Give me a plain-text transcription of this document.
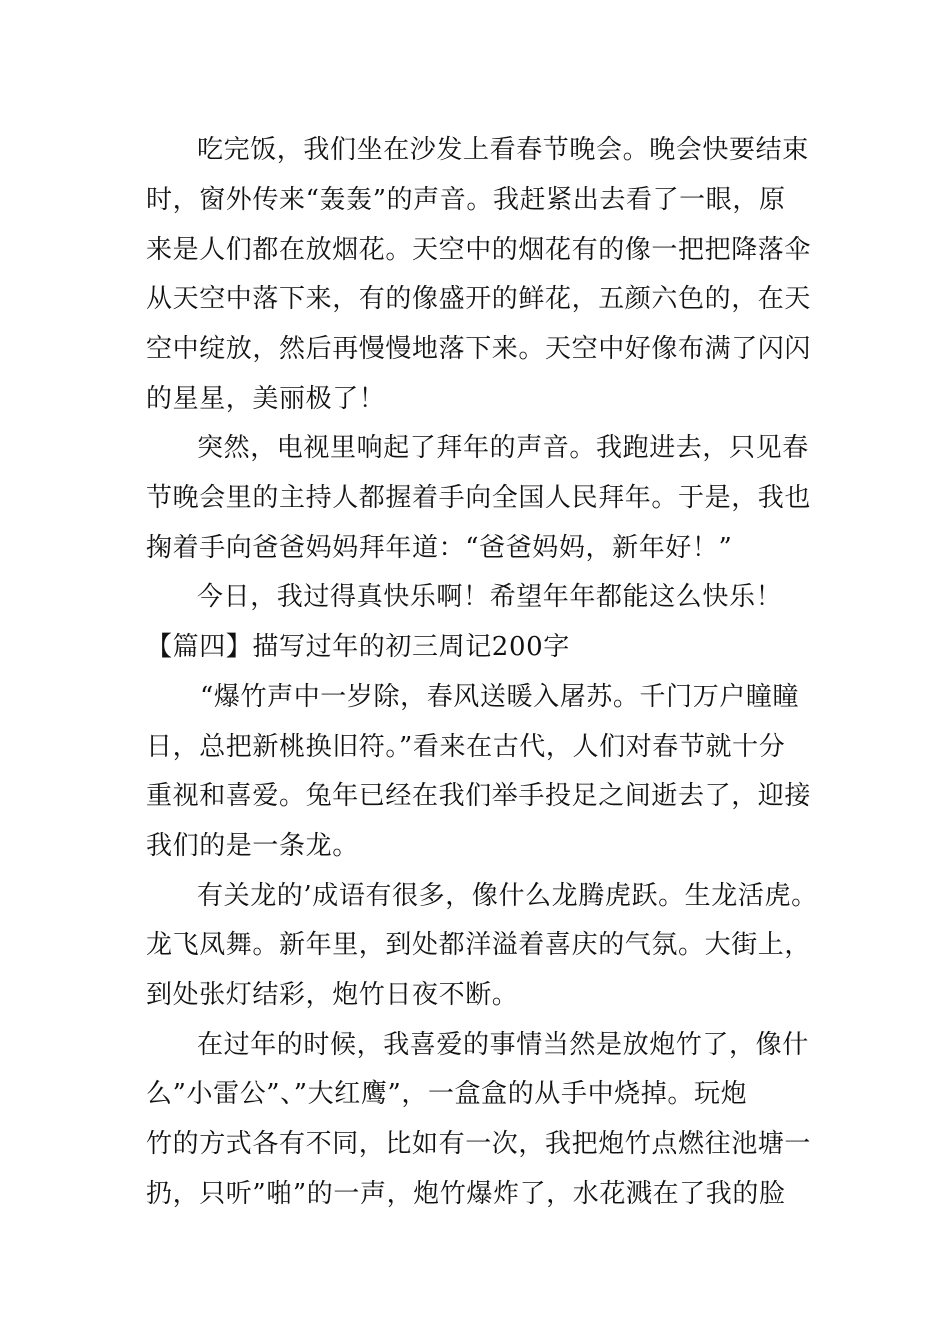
吃完饭，我们坐在沙发上看春节晚会。晚会快要结束
时，窗外传来“轰轰”的声音。我赶紧出去看了一眼，原
来是人们都在放烟花。天空中的烟花有的像一把把降落伞
从天空中落下来，有的像盛开的鲜花，五颜六色的，在天
空中绽放，然后再慢慢地落下来。天空中好像布满了闪闪
的星星，美丽极了！
突然，电视里响起了拜年的声音。我跑进去，只见春
节晚会里的主持人都握着手向全国人民拜年。于是，我也
掬着手向爸爸妈妈拜年道：“爸爸妈妈，新年好！”
今日，我过得真快乐啊！希望年年都能这么快乐！
【篇四】描写过年的初三周记200字
“爆竹声中一岁除，春风送暖入屠苏。千门万户瞳瞳
日，总把新桃换旧符。”看来在古代，人们对春节就十分
重视和喜爱。兔年已经在我们举手投足之间逝去了，迎接
我们的是一条龙。
有关龙的’成语有很多，像什么龙腾虎跃。生龙活虎。
龙飞凤舞。新年里，到处都洋溢着喜庆的气氛。大街上，
到处张灯结彩，炮竹日夜不断。
在过年的时候，我喜爱的事情当然是放炮竹了，像什
么”小雷公”、”大红鹰”，一盒盒的从手中烧掉。玩炮
竹的方式各有不同，比如有一次，我把炮竹点燃往池塘一
扔，只听”啪”的一声，炮竹爆炸了，水花溅在了我的脸
